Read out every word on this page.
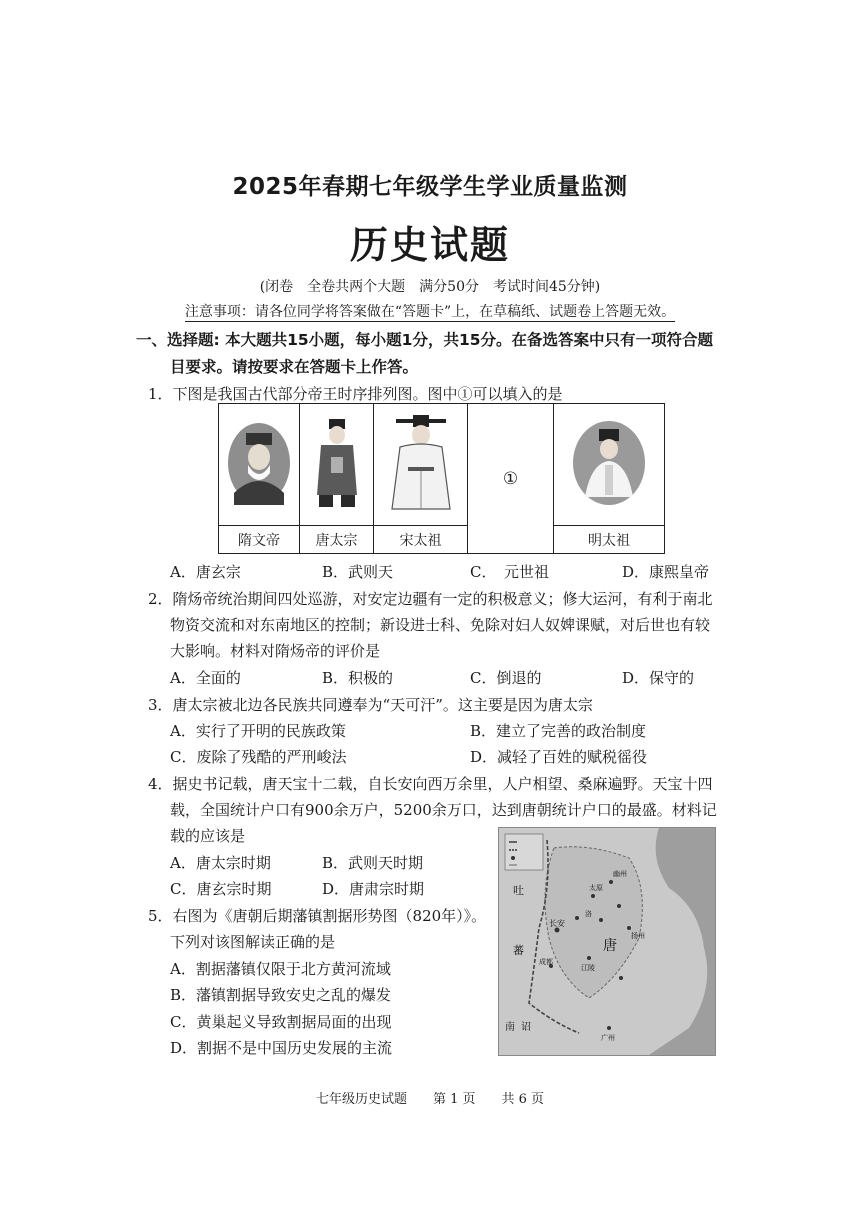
2025年春期七年级学生学业质量监测
历史试题
(闭卷　全卷共两个大题　满分50分　考试时间45分钟)
注意事项：请各位同学将答案做在“答题卡”上，在草稿纸、试题卷上答题无效。
一、选择题: 本大题共15小题，每小题1分，共15分。在备选答案中只有一项符合题
目要求。请按要求在答题卡上作答。
1．下图是我国古代部分帝王时序排列图。图中①可以填入的是
			①	
隋文帝	唐太宗	宋太祖		明太祖
A．唐玄宗	B．武则天	C．　元世祖	D．康熙皇帝
2．隋炀帝统治期间四处巡游，对安定边疆有一定的积极意义；修大运河，有利于南北
物资交流和对东南地区的控制；新设进士科、免除对妇人奴婢课赋，对后世也有较
大影响。材料对隋炀帝的评价是
A．全面的	B．积极的	C．倒退的	D．保守的
3．唐太宗被北边各民族共同遵奉为“天可汗”。这主要是因为唐太宗
A．实行了开明的民族政策	B．建立了完善的政治制度
C．废除了残酷的严刑峻法	D．减轻了百姓的赋税徭役
4．据史书记载，唐天宝十二载，自长安向西万余里，人户相望、桑麻遍野。天宝十四
载，全国统计户口有900余万户，5200余万口，达到唐朝统计户口的最盛。材料记
载的应该是
A．唐太宗时期	B．武则天时期
C．唐玄宗时期	D．唐肃宗时期
5．右图为《唐朝后期藩镇割据形势图（820年）》。
下列对该图解读正确的是
A．割据藩镇仅限于北方黄河流域
B．藩镇割据导致安史之乱的爆发
C．黄巢起义导致割据局面的出现
D．割据不是中国历史发展的主流
吐
蕃
南 诏
长安
唐
成都
江陵
洛
太原
幽州
扬州
广州
七年级历史试题　　第 1 页　　共 6 页
